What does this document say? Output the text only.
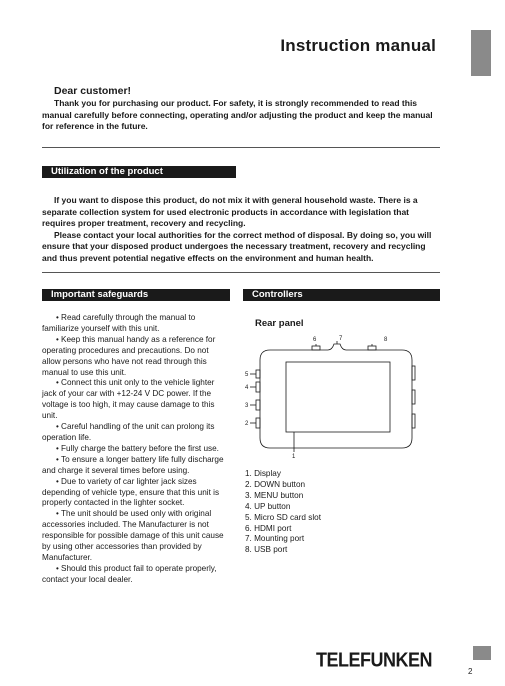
Instruction manual
Dear customer!

Thank you for purchasing our product. For safety, it is strongly recommended to read this manual carefully before connecting, operating and/or adjusting the product and keep the manual for reference in the future.

Utilization of the product

If you want to dispose this product, do not mix it with general household waste. There is a separate collection system for used electronic products in accordance with legislation that requires proper treatment, recovery and recycling.

Please contact your local authorities for the correct method of disposal. By doing so, you will ensure that your disposed product undergoes the necessary treatment, recovery and recycling and thus prevent potential negative effects on the environment and human health.

Important safeguards	Controllers

• Read carefully through the manual to familiarize yourself with this unit.

• Keep this manual handy as a reference for operating procedures and precautions. Do not allow persons who have not read through this manual to use this unit.

• Connect this unit only to the vehicle lighter jack of your car with +12-24 V DC power. If the voltage is too high, it may cause damage to this unit.

• Careful handling of the unit can prolong its operation life.

• Fully charge the battery before the first use.

• To ensure a longer battery life fully discharge and charge it several times before using.

• Due to variety of car lighter jack sizes depending of vehicle type, ensure that this unit is properly contacted in the lighter socket.

• The unit should be used only with original accessories included. The Manufacturer is not responsible for possible damage of this unit cause by using other accessories than provided by Manufacturer.

• Should this product fail to operate properly, contact your local dealer.

Rear panel
6	7	8
5
4
3
2
1
1. Display
2. DOWN button
3. MENU button
4. UP button
5. Micro SD card slot
6. HDMI port
7. Mounting port
8. USB port
TELEFUNKEN
2
